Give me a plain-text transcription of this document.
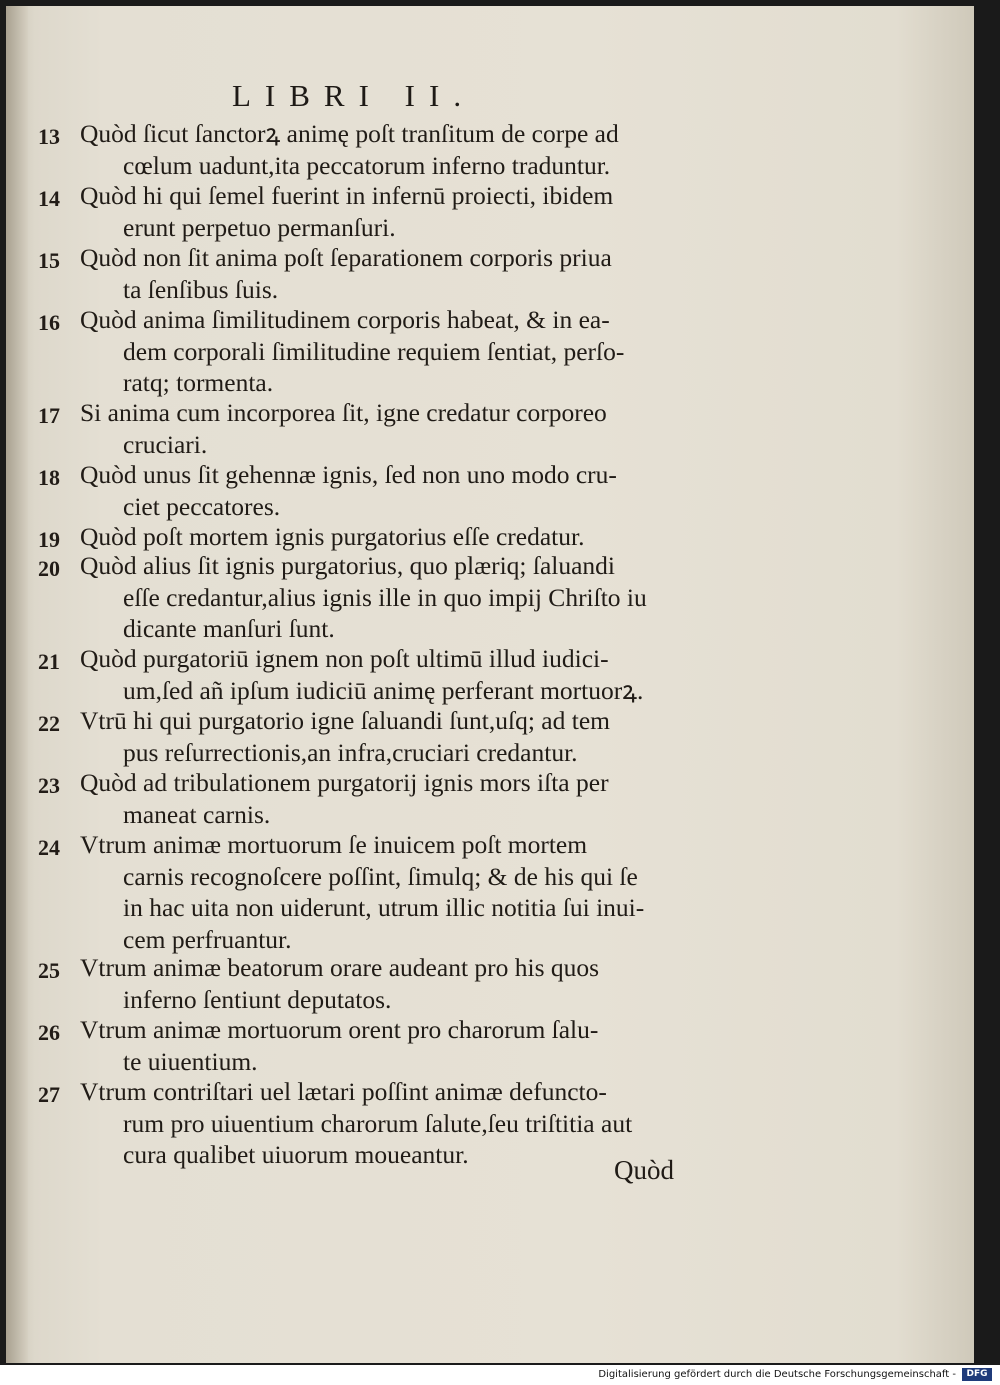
LIBRI II.
13 Quòd ſicut ſanctorꝝ animę poſt tranſitum de corpe ad
cœlum uadunt,ita peccatorum inferno traduntur.
14 Quòd hi qui ſemel fuerint in infernū proiecti, ibidem
erunt perpetuo permanſuri.
15 Quòd non ſit anima poſt ſeparationem corporis priua
ta ſenſibus ſuis.
16 Quòd anima ſimilitudinem corporis habeat, & in ea-
dem corporali ſimilitudine requiem ſentiat, perſo-
ratq; tormenta.
17 Si anima cum incorporea ſit, igne credatur corporeo
cruciari.
18 Quòd unus ſit gehennæ ignis, ſed non uno modo cru-
ciet peccatores.
19 Quòd poſt mortem ignis purgatorius eſſe credatur.
20 Quòd alius ſit ignis purgatorius, quo plæriq; ſaluandi
eſſe credantur,alius ignis ille in quo impij Chriſto iu
dicante manſuri ſunt.
21 Quòd purgatoriū ignem non poſt ultimū illud iudici-
um,ſed añ ipſum iudiciū animę perferant mortuorꝝ.
22 Vtrū hi qui purgatorio igne ſaluandi ſunt,uſq; ad tem
pus reſurrectionis,an infra,cruciari credantur.
23 Quòd ad tribulationem purgatorij ignis mors iſta per
maneat carnis.
24 Vtrum animæ mortuorum ſe inuicem poſt mortem
carnis recognoſcere poſſint, ſimulq; & de his qui ſe
in hac uita non uiderunt, utrum illic notitia ſui inui-
cem perfruantur.
25 Vtrum animæ beatorum orare audeant pro his quos
inferno ſentiunt deputatos.
26 Vtrum animæ mortuorum orent pro charorum ſalu-
te uiuentium.
27 Vtrum contriſtari uel lætari poſſint animæ defuncto-
rum pro uiuentium charorum ſalute,ſeu triſtitia aut
cura qualibet uiuorum moueantur.
Quòd
Digitalisierung gefördert durch die Deutsche Forschungsgemeinschaft -	DFG
